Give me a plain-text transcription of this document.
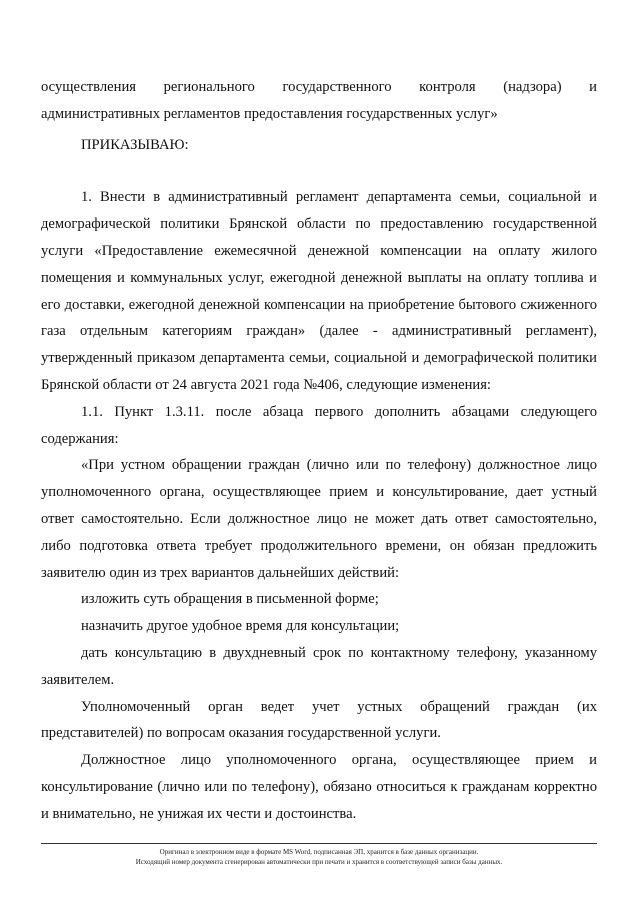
осуществления регионального государственного контроля (надзора) и административных регламентов предоставления государственных услуг»

ПРИКАЗЫВАЮ:

1. Внести в административный регламент департамента семьи, социальной и демографической политики Брянской области по предоставлению государственной услуги «Предоставление ежемесячной денежной компенсации на оплату жилого помещения и коммунальных услуг, ежегодной денежной выплаты на оплату топлива и его доставки, ежегодной денежной компенсации на приобретение бытового сжиженного газа отдельным категориям граждан» (далее - административный регламент), утвержденный приказом департамента семьи, социальной и демографической политики Брянской области от 24 августа 2021 года №406, следующие изменения:

1.1. Пункт 1.3.11. после абзаца первого дополнить абзацами следующего содержания:

«При устном обращении граждан (лично или по телефону) должностное лицо уполномоченного органа, осуществляющее прием и консультирование, дает устный ответ самостоятельно. Если должностное лицо не может дать ответ самостоятельно, либо подготовка ответа требует продолжительного времени, он обязан предложить заявителю один из трех вариантов дальнейших действий:

изложить суть обращения в письменной форме;

назначить другое удобное время для консультации;

дать консультацию в двухдневный срок по контактному телефону, указанному заявителем.

Уполномоченный орган ведет учет устных обращений граждан (их представителей) по вопросам оказания государственной услуги.

Должностное лицо уполномоченного органа, осуществляющее прием и консультирование (лично или по телефону), обязано относиться к гражданам корректно и внимательно, не унижая их чести и достоинства.

Оригинал в электронном виде в формате MS Word, подписанная ЭП, хранится в базе данных организации.
Исходящий номер документа сгенерирован автоматически при печати и хранится в соответствующей записи базы данных.
